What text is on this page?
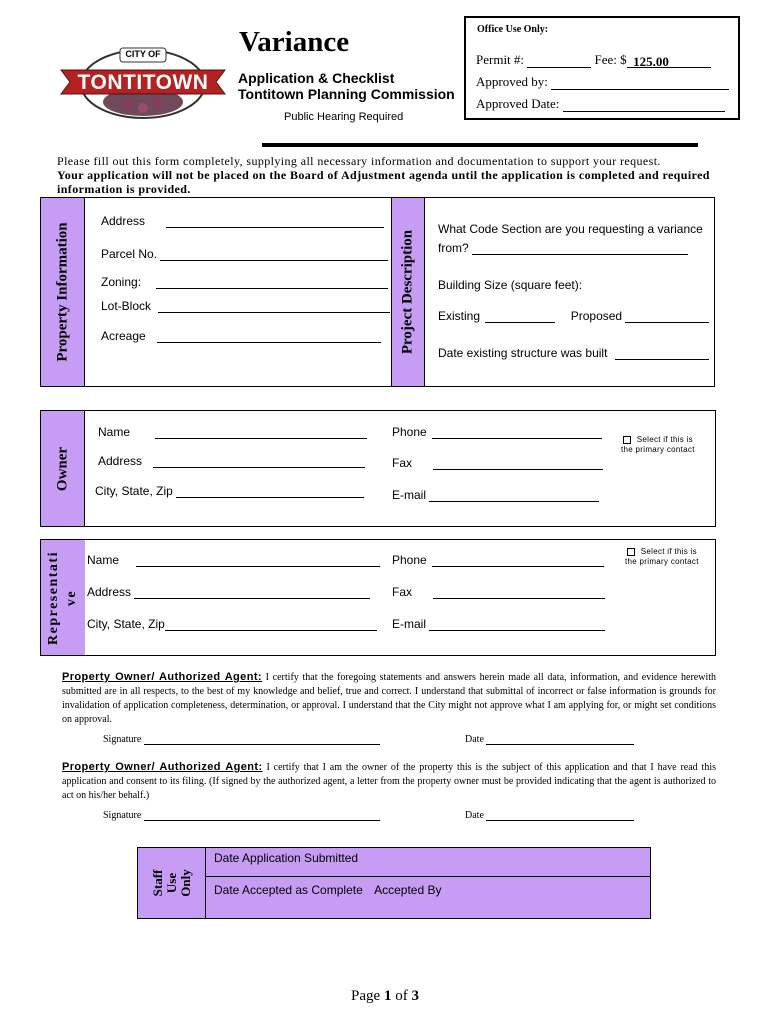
CITY OF
TONTITOWN
Variance
Application & Checklist
Tontitown Planning Commission
Public Hearing Required
Office Use Only:
Permit #:	Fee: $ 125.00
Approved by:
Approved Date:
Please fill out this form completely, supplying all necessary information and documentation to support your request.
Your application will not be placed on the Board of Adjustment agenda until the application is completed and required information is provided.
Property Information	Project Description
Address
Parcel No.
Zoning:
Lot-Block
Acreage
What Code Section are you requesting a variance
from?
Building Size (square feet):
Existing	Proposed
Date existing structure was built
Owner
Name
Address
City, State, Zip
Phone
Fax
E-mail
Select if this is
the primary contact
Representati ve
Name
Address
City, State, Zip
Phone
Fax
E-mail
Select if this is
the primary contact
Property Owner/ Authorized Agent: I certify that the foregoing statements and answers herein made all data, information, and evidence herewith submitted are in all respects, to the best of my knowledge and belief, true and correct. I understand that submittal of incorrect or false information is grounds for invalidation of application completeness, determination, or approval. I understand that the City might not approve what I am applying for, or might set conditions on approval.
Signature	Date
Property Owner/ Authorized Agent: I certify that I am the owner of the property this is the subject of this application and that I have read this application and consent to its filing. (If signed by the authorized agent, a letter from the property owner must be provided indicating that the agent is authorized to act on his/her behalf.)
Signature	Date
Staff Use Only
Date Application Submitted
Date Accepted as Complete Accepted By
Page 1 of 3
